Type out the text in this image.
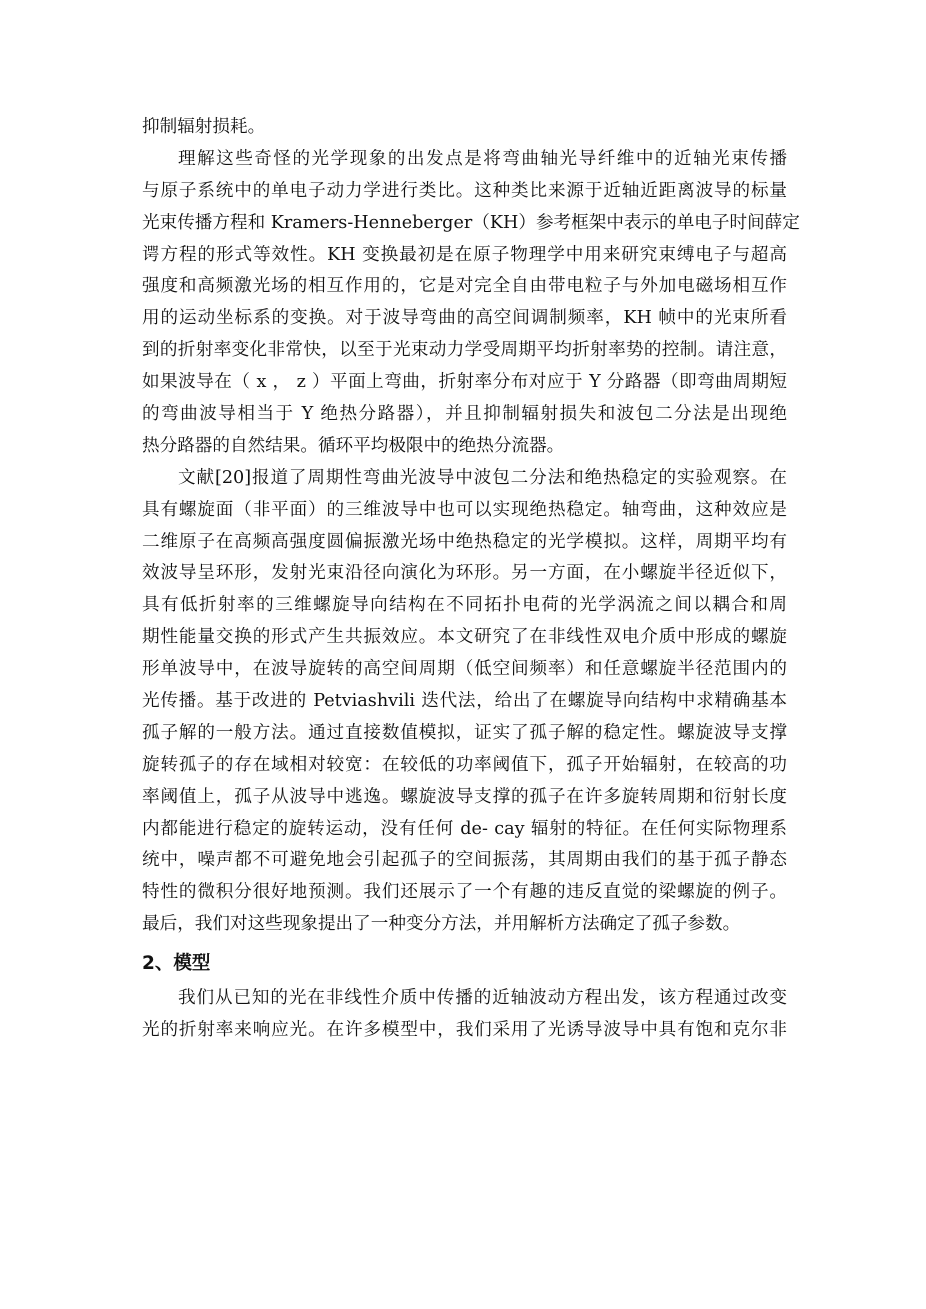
抑制辐射损耗。
理解这些奇怪的光学现象的出发点是将弯曲轴光导纤维中的近轴光束传播
与原子系统中的单电子动力学进行类比。这种类比来源于近轴近距离波导的标量
光束传播方程和 Kramers-Henneberger（KH）参考框架中表示的单电子时间薛定
谔方程的形式等效性。KH 变换最初是在原子物理学中用来研究束缚电子与超高
强度和高频激光场的相互作用的，它是对完全自由带电粒子与外加电磁场相互作
用的运动坐标系的变换。对于波导弯曲的高空间调制频率，KH 帧中的光束所看
到的折射率变化非常快，以至于光束动力学受周期平均折射率势的控制。请注意，
如果波导在（ x ， z ）平面上弯曲，折射率分布对应于 Y 分路器（即弯曲周期短
的弯曲波导相当于 Y 绝热分路器），并且抑制辐射损失和波包二分法是出现绝
热分路器的自然结果。循环平均极限中的绝热分流器。
文献[20]报道了周期性弯曲光波导中波包二分法和绝热稳定的实验观察。在
具有螺旋面（非平面）的三维波导中也可以实现绝热稳定。轴弯曲，这种效应是
二维原子在高频高强度圆偏振激光场中绝热稳定的光学模拟。这样，周期平均有
效波导呈环形，发射光束沿径向演化为环形。另一方面，在小螺旋半径近似下，
具有低折射率的三维螺旋导向结构在不同拓扑电荷的光学涡流之间以耦合和周
期性能量交换的形式产生共振效应。本文研究了在非线性双电介质中形成的螺旋
形单波导中，在波导旋转的高空间周期（低空间频率）和任意螺旋半径范围内的
光传播。基于改进的 Petviashvili 迭代法，给出了在螺旋导向结构中求精确基本
孤子解的一般方法。通过直接数值模拟，证实了孤子解的稳定性。螺旋波导支撑
旋转孤子的存在域相对较宽：在较低的功率阈值下，孤子开始辐射，在较高的功
率阈值上，孤子从波导中逃逸。螺旋波导支撑的孤子在许多旋转周期和衍射长度
内都能进行稳定的旋转运动，没有任何 de- cay 辐射的特征。在任何实际物理系
统中，噪声都不可避免地会引起孤子的空间振荡，其周期由我们的基于孤子静态
特性的微积分很好地预测。我们还展示了一个有趣的违反直觉的梁螺旋的例子。
最后，我们对这些现象提出了一种变分方法，并用解析方法确定了孤子参数。
2、模型
我们从已知的光在非线性介质中传播的近轴波动方程出发，该方程通过改变
光的折射率来响应光。在许多模型中，我们采用了光诱导波导中具有饱和克尔非
